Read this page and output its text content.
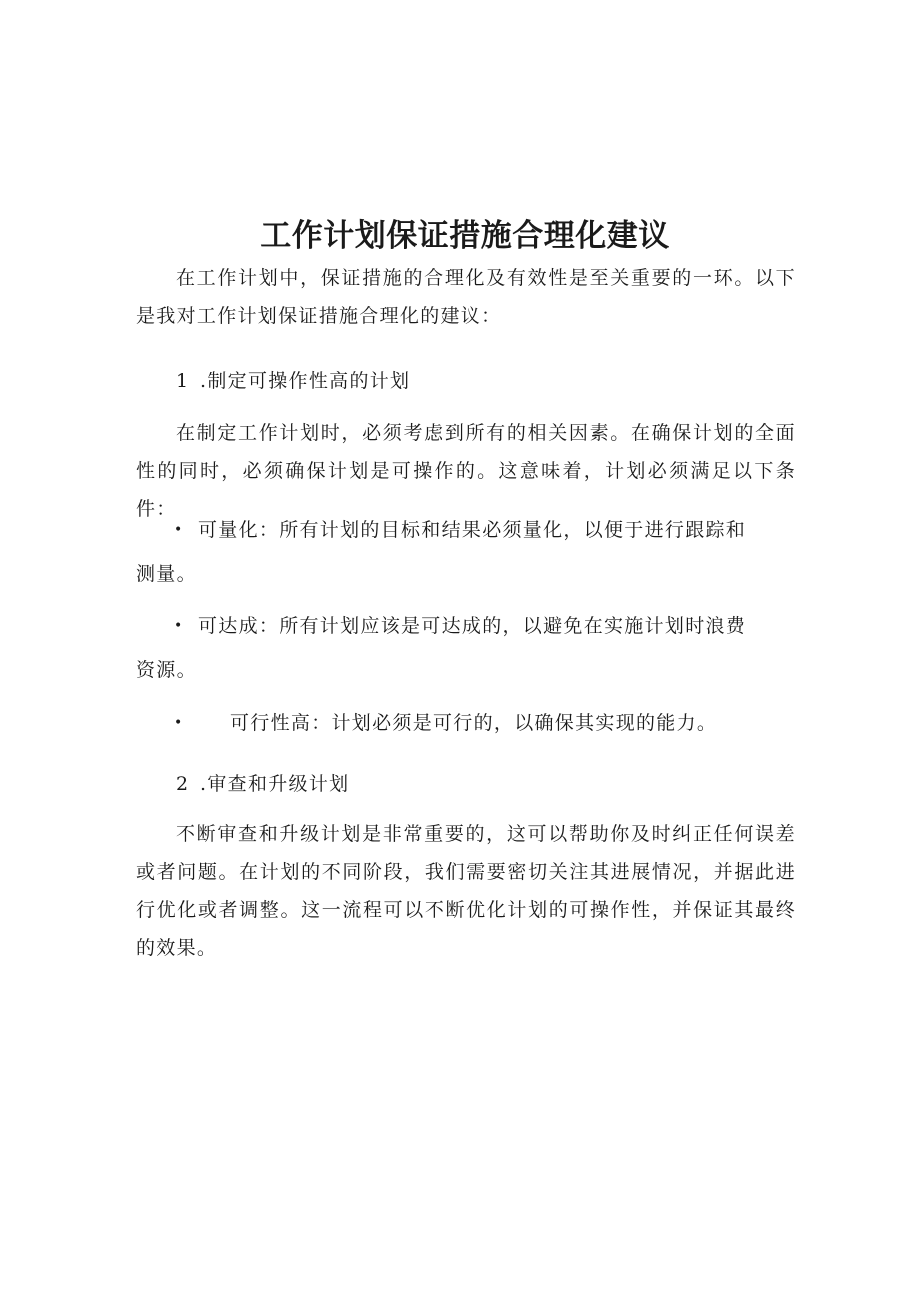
工作计划保证措施合理化建议

在工作计划中，保证措施的合理化及有效性是至关重要的一环。以下是我对工作计划保证措施合理化的建议：

1 .制定可操作性高的计划

在制定工作计划时，必须考虑到所有的相关因素。在确保计划的全面性的同时，必须确保计划是可操作的。这意味着，计划必须满足以下条件：

• 可量化：所有计划的目标和结果必须量化，以便于进行跟踪和测量。

• 可达成：所有计划应该是可达成的，以避免在实施计划时浪费资源。

• 可行性高：计划必须是可行的，以确保其实现的能力。

2 .审查和升级计划

不断审查和升级计划是非常重要的，这可以帮助你及时纠正任何误差或者问题。在计划的不同阶段，我们需要密切关注其进展情况，并据此进行优化或者调整。这一流程可以不断优化计划的可操作性，并保证其最终的效果。
